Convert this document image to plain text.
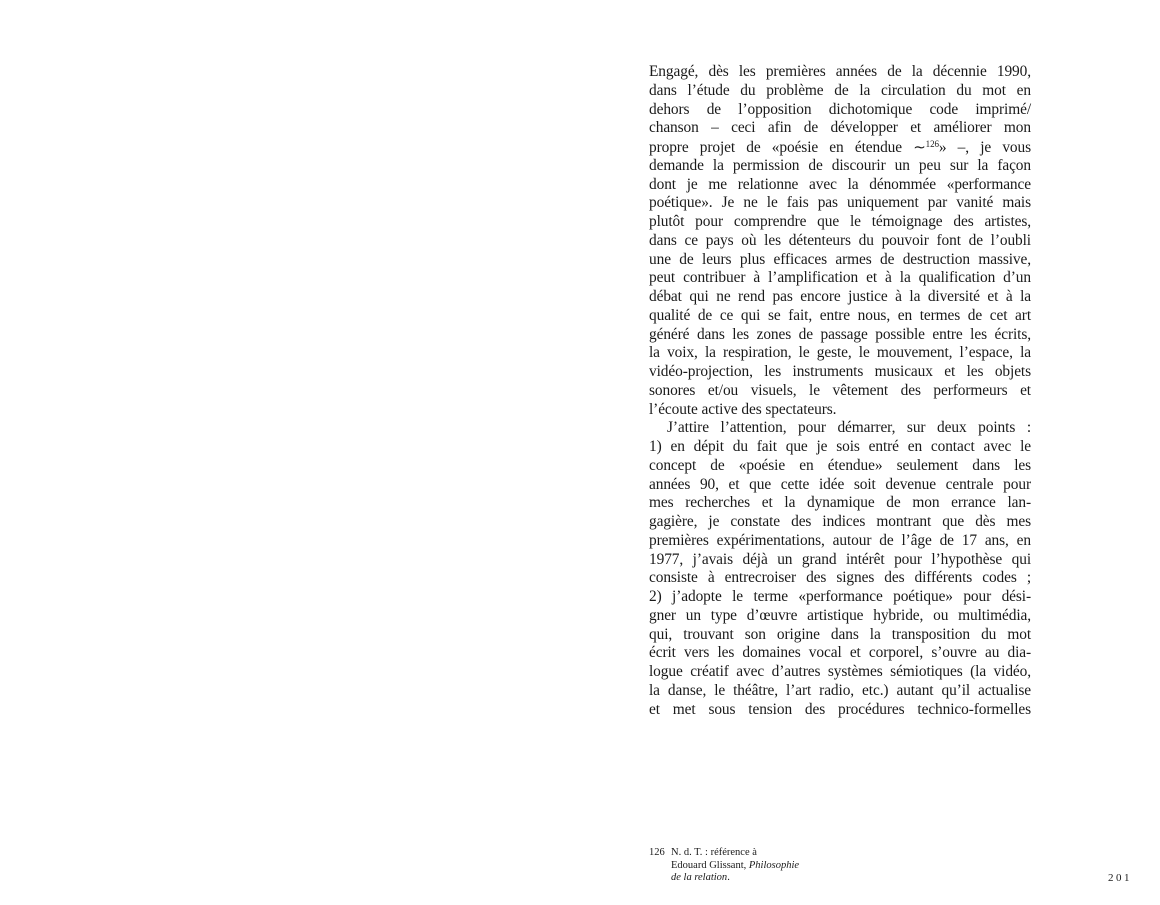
Engagé, dès les premières années de la décennie 1990,
dans l’étude du problème de la circulation du mot en
dehors de l’opposition dichotomique code imprimé/
chanson – ceci afin de développer et améliorer mon
propre projet de «poésie en étendue ∼$^{126}$» –, je vous
demande la permission de discourir un peu sur la façon
dont je me relationne avec la dénommée «performance
poétique». Je ne le fais pas uniquement par vanité mais
plutôt pour comprendre que le témoignage des artistes,
dans ce pays où les détenteurs du pouvoir font de l’oubli
une de leurs plus efficaces armes de destruction massive,
peut contribuer à l’amplification et à la qualification d’un
débat qui ne rend pas encore justice à la diversité et à la
qualité de ce qui se fait, entre nous, en termes de cet art
généré dans les zones de passage possible entre les écrits,
la voix, la respiration, le geste, le mouvement, l’espace, la
vidéo-projection, les instruments musicaux et les objets
sonores et/ou visuels, le vêtement des performeurs et
l’écoute active des spectateurs.
J’attire l’attention, pour démarrer, sur deux points :
1) en dépit du fait que je sois entré en contact avec le
concept de «poésie en étendue» seulement dans les
années 90, et que cette idée soit devenue centrale pour
mes recherches et la dynamique de mon errance lan-
gagière, je constate des indices montrant que dès mes
premières expérimentations, autour de l’âge de 17 ans, en
1977, j’avais déjà un grand intérêt pour l’hypothèse qui
consiste à entrecroiser des signes des différents codes ;
2) j’adopte le terme «performance poétique» pour dési-
gner un type d’œuvre artistique hybride, ou multimédia,
qui, trouvant son origine dans la transposition du mot
écrit vers les domaines vocal et corporel, s’ouvre au dia-
logue créatif avec d’autres systèmes sémiotiques (la vidéo,
la danse, le théâtre, l’art radio, etc.) autant qu’il actualise
et met sous tension des procédures technico-formelles
126 N. d. T. : référence à
Edouard Glissant, Philosophie
de la relation.	201
